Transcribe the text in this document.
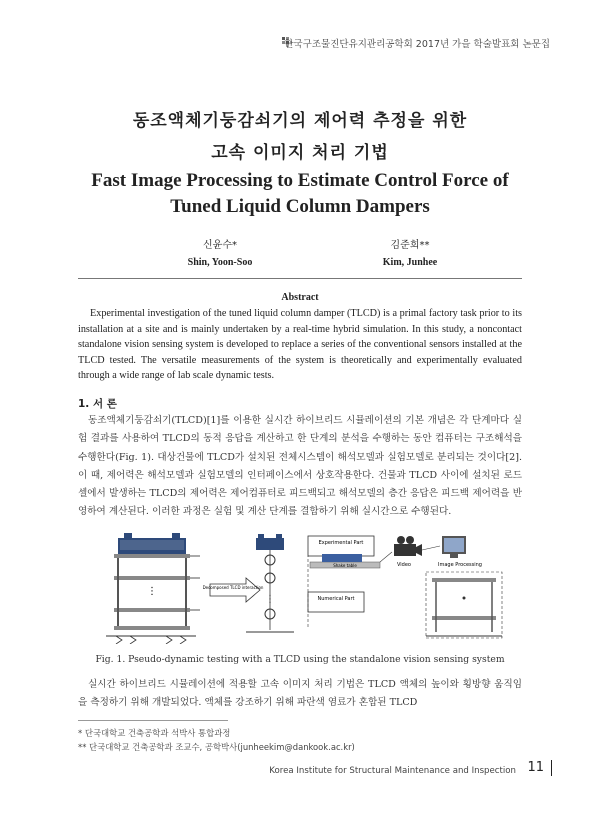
한국구조물진단유지관리공학회 2017년 가을 학술발표회 논문집
동조액체기둥감쇠기의 제어력 추정을 위한
고속 이미지 처리 기법
Fast Image Processing to Estimate Control Force of
Tuned Liquid Column Dampers
신윤수*
Shin, Yoon-Soo
김준희**
Kim, Junhee
Abstract
Experimental investigation of the tuned liquid column damper (TLCD) is a primal factory task prior to its installation at a site and is mainly undertaken by a real-time hybrid simulation. In this study, a noncontact standalone vision sensing system is developed to replace a series of the conventional sensors installed at the TLCD tested. The versatile measurements of the system is theoretically and experimentally evaluated through a wide range of lab scale dynamic tests.
1. 서 론
동조액체기둥감쇠기(TLCD)[1]를 이용한 실시간 하이브리드 시뮬레이션의 기본 개념은 각 단계마다 실험 결과를 사용하여 TLCD의 동적 응답을 계산하고 한 단계의 분석을 수행하는 동안 컴퓨터는 구조해석을 수행한다(Fig. 1). 대상건물에 TLCD가 설치된 전체시스템이 해석모델과 실험모델로 분리되는 것이다[2]. 이 때, 제어력은 해석모델과 실험모델의 인터페이스에서 상호작용한다. 건물과 TLCD 사이에 설치된 로드셀에서 발생하는 TLCD의 제어력은 제어컴퓨터로 피드백되고 해석모델의 층간 응답은 피드백 제어력을 반영하여 계산된다. 이러한 과정은 실험 및 계산 단계를 결합하기 위해 실시간으로 수행된다.
⋮	Decomposed TLCD interaction
⋮
Experimental Part
Shake table
Numerical Part
Video	Image Processing
Fig. 1. Pseudo-dynamic testing with a TLCD using the standalone vision sensing system
실시간 하이브리드 시뮬레이션에 적용할 고속 이미지 처리 기법은 TLCD 액체의 높이와 횡방향 움직임을 측정하기 위해 개발되었다. 액체를 강조하기 위해 파란색 염료가 혼합된 TLCD
* 단국대학교 건축공학과 석박사 통합과정
** 단국대학교 건축공학과 조교수, 공학박사(junheekim@dankook.ac.kr)
Korea Institute for Structural Maintenance and Inspection 11
